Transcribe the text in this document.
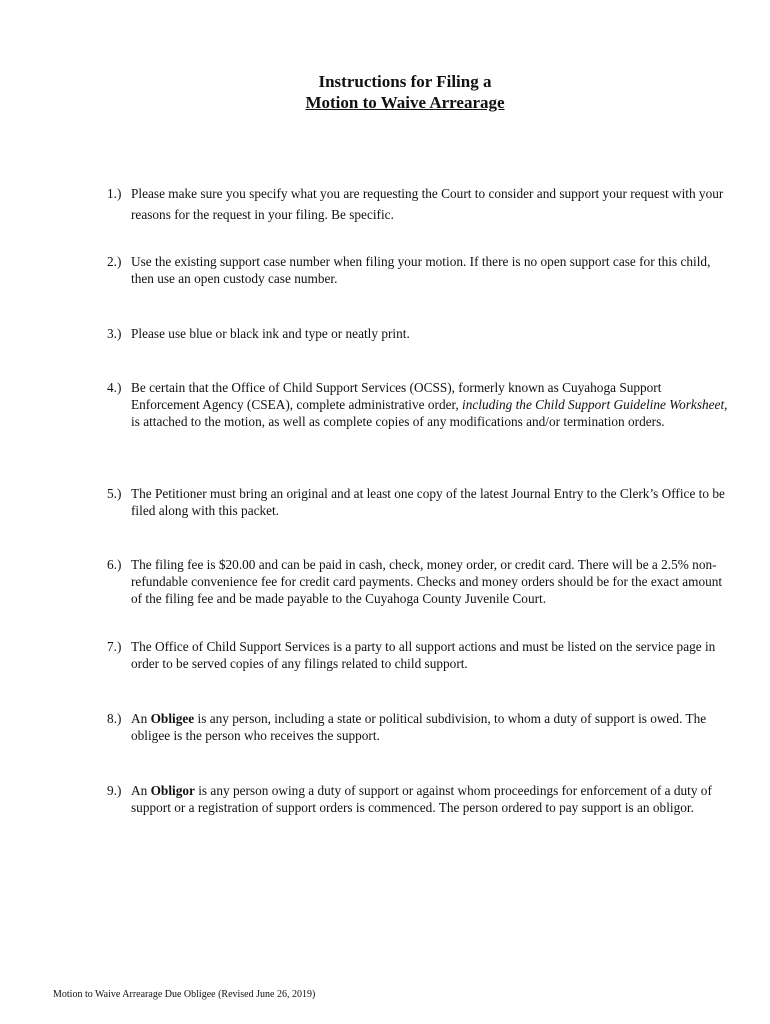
Instructions for Filing a
Motion to Waive Arrearage
1.) Please make sure you specify what you are requesting the Court to consider and support your request with your reasons for the request in your filing. Be specific.
2.) Use the existing support case number when filing your motion. If there is no open support case for this child, then use an open custody case number.
3.) Please use blue or black ink and type or neatly print.
4.) Be certain that the Office of Child Support Services (OCSS), formerly known as Cuyahoga Support Enforcement Agency (CSEA), complete administrative order, including the Child Support Guideline Worksheet, is attached to the motion, as well as complete copies of any modifications and/or termination orders.
5.) The Petitioner must bring an original and at least one copy of the latest Journal Entry to the Clerk’s Office to be filed along with this packet.
6.) The filing fee is $20.00 and can be paid in cash, check, money order, or credit card. There will be a 2.5% non-refundable convenience fee for credit card payments. Checks and money orders should be for the exact amount of the filing fee and be made payable to the Cuyahoga County Juvenile Court.
7.) The Office of Child Support Services is a party to all support actions and must be listed on the service page in order to be served copies of any filings related to child support.
8.) An Obligee is any person, including a state or political subdivision, to whom a duty of support is owed. The obligee is the person who receives the support.
9.) An Obligor is any person owing a duty of support or against whom proceedings for enforcement of a duty of support or a registration of support orders is commenced. The person ordered to pay support is an obligor.
Motion to Waive Arrearage Due Obligee (Revised June 26, 2019)
